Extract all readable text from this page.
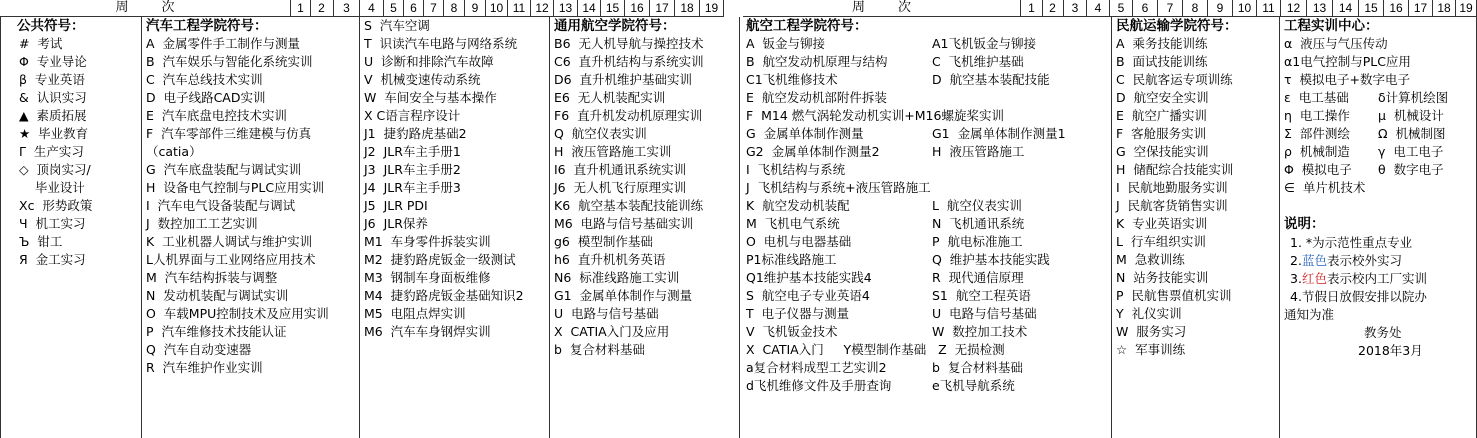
周        次	周        次
1	2	3	4	5	6	7	8	9 10 11 12 13 14 15 16 17 18 19	1	2	3	4	5	6	7	8	9	10 11	12	13	14	15 16 17 18 19
公共符号：
#  考试
Φ  专业导论
β  专业英语
&  认识实习
▲  素质拓展
★  毕业教育
Γ  生产实习
◇  顶岗实习/
毕业设计
Xc  形势政策
Ч  机工实习
Ъ  钳工
Я  金工实习
汽车工程学院符号：
A  金属零件手工制作与测量
B  汽车娱乐与智能化系统实训
C  汽车总线技术实训
D  电子线路CAD实训
E  汽车底盘电控技术实训
F  汽车零部件三维建模与仿真
（catia）
G  汽车底盘装配与调试实训
H  设备电气控制与PLC应用实训
I  汽车电气设备装配与调试
J  数控加工工艺实训
K  工业机器人调试与维护实训
L人机界面与工业网络应用技术
M  汽车结构拆装与调整
N  发动机装配与调试实训
O  车载MPU控制技术及应用实训
P  汽车维修技术技能认证
Q  汽车自动变速器
R  汽车维护作业实训
S  汽车空调
T  识读汽车电路与网络系统
U  诊断和排除汽车故障
V  机械变速传动系统
W  车间安全与基本操作
X C语言程序设计
J1  捷豹路虎基础2
J2  JLR车主手册1
J3  JLR车主手册2
J4  JLR车主手册3
J5  JLR PDI
J6  JLR保养
M1  车身零件拆装实训
M2  捷豹路虎钣金一级测试
M3  钢制车身面板维修
M4  捷豹路虎钣金基础知识2
M5  电阻点焊实训
M6  汽车车身钢焊实训
通用航空学院符号：
B6  无人机导航与操控技术
C6  直升机结构与系统实训
D6  直升机维护基础实训
E6  无人机装配实训
F6  直升机发动机原理实训
Q  航空仪表实训
H  液压管路施工实训
I6  直升机通讯系统实训
J6  无人机飞行原理实训
K6  航空基本装配技能训练
M6  电路与信号基础实训
g6  模型制作基础
h6  直升机机务英语
N6  标准线路施工实训
G1  金属单体制作与测量
U  电路与信号基础
X  CATIA入门及应用
b  复合材料基础
航空工程学院符号：
A  钣金与铆接	A1飞机钣金与铆接
B  航空发动机原理与结构	C  飞机维护基础
C1飞机维修技术	D  航空基本装配技能
E  航空发动机部附件拆装
F  M14 燃气涡轮发动机实训+M16螺旋桨实训
G  金属单体制作测量	G1  金属单体制作测量1
G2  金属单体制作测量2	H  液压管路施工
I  飞机结构与系统
J  飞机结构与系统+液压管路施工
K  航空发动机装配	L  航空仪表实训
M  飞机电气系统	N  飞机通讯系统
O  电机与电器基础	P  航电标准施工
P1标准线路施工	Q  维护基本技能实践
Q1维护基本技能实践4	R  现代通信原理
S  航空电子专业英语4	S1  航空工程英语
T  电子仪器与测量	U  电路与信号基础
V  飞机钣金技术	W  数控加工技术
X  CATIA入门     Y模型制作基础   Z  无损检测
a复合材料成型工艺实训2	b  复合材料基础
d飞机维修文件及手册查询	e飞机导航系统
民航运输学院符号：
A  乘务技能训练
B  面试技能训练
C  民航客运专项训练
D  航空安全实训
E  航空广播实训
F  客舱服务实训
G  空保技能实训
H  储配综合技能实训
I  民航地勤服务实训
J  民航客货销售实训
K  专业英语实训
L  行车组织实训
M  急救训练
N  站务技能实训
P  民航售票值机实训
Y  礼仪实训
W  服务实习
☆  军事训练
工程实训中心：
α  液压与气压传动
α1电气控制与PLC应用
τ  模拟电子+数字电子
ε  电工基础 δ计算机绘图
η  电工操作 μ  机械设计
Σ  部件测绘 Ω  机械制图
ρ  机械制造 γ  电工电子
Φ  模拟电子 θ  数字电子
∈  单片机技术
说明：
1. *为示范性重点专业
2.蓝色表示校外实习
3.红色表示校内工厂实训
4.节假日放假安排以院办
通知为准
教务处
2018年3月
